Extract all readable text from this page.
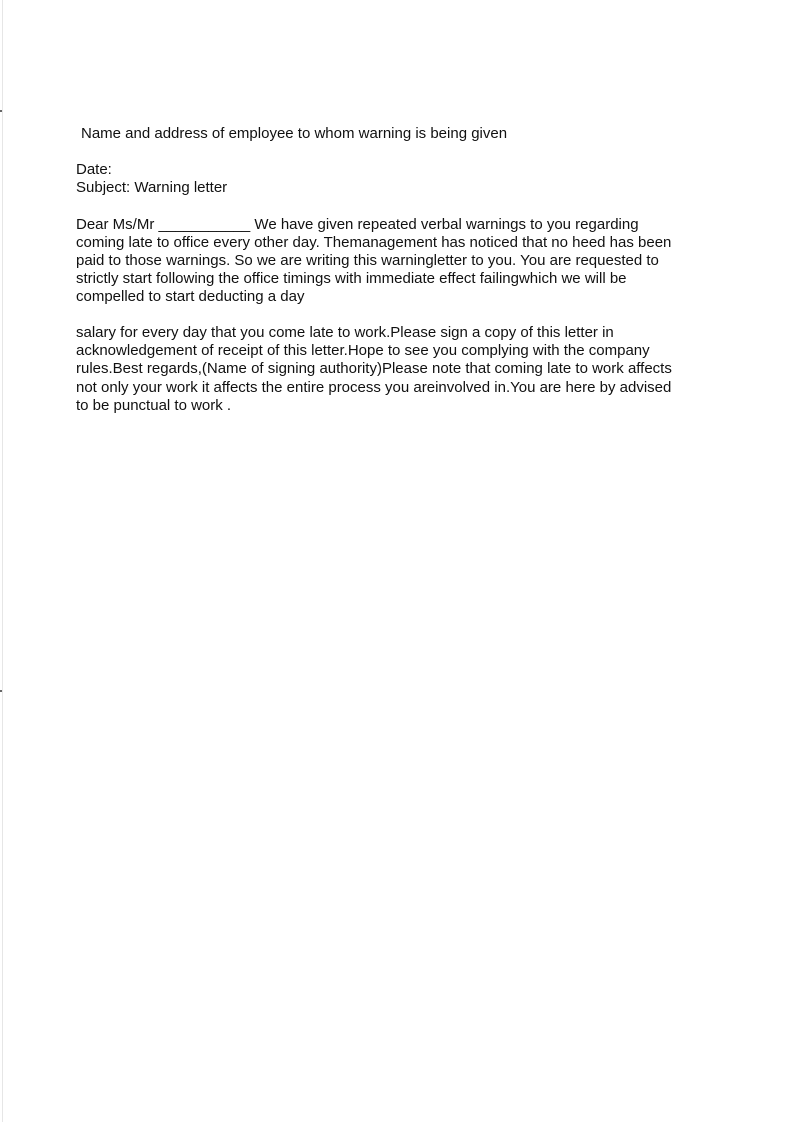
Name and address of employee to whom warning is being given

Date:

Subject: Warning letter

Dear Ms/Mr ___________ We have given repeated verbal warnings to you regarding

coming late to office every other day. Themanagement has noticed that no heed has been

paid to those warnings. So we are writing this warningletter to you. You are requested to

strictly start following the office timings with immediate effect failingwhich we will be

compelled to start deducting a day

salary for every day that you come late to work.Please sign a copy of this letter in

acknowledgement of receipt of this letter.Hope to see you complying with the company

rules.Best regards,(Name of signing authority)Please note that coming late to work affects

not only your work it affects the entire process you areinvolved in.You are here by advised

to be punctual to work .
